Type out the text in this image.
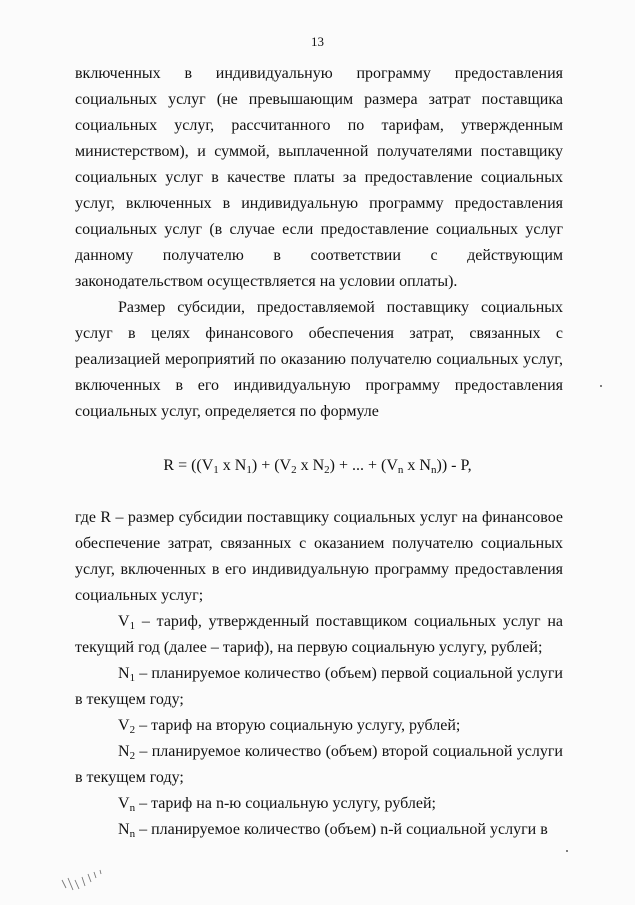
13

включенных в индивидуальную программу предоставления социальных услуг (не превышающим размера затрат поставщика социальных услуг, рассчитанного по тарифам, утвержденным министерством), и суммой, выплаченной получателями поставщику социальных услуг в качестве платы за предоставление социальных услуг, включенных в индивидуальную программу предоставления социальных услуг (в случае если предоставление социальных услуг данному получателю в соответствии с действующим законодательством осуществляется на условии оплаты).

Размер субсидии, предоставляемой поставщику социальных услуг в целях финансового обеспечения затрат, связанных с реализацией мероприятий по оказанию получателю социальных услуг, включенных в его индивидуальную программу предоставления социальных услуг, определяется по формуле

$R = ((V_1$ x $N_1) + (V_2$ x $N_2$) + ... + ($V_n$ x $N_n$)) - P,

где R – размер субсидии поставщику социальных услуг на финансовое обеспечение затрат, связанных с оказанием получателю социальных услуг, включенных в его индивидуальную программу предоставления социальных услуг;

$V_1$ – тариф, утвержденный поставщиком социальных услуг на текущий год (далее – тариф), на первую социальную услугу, рублей;

$N_1$ – планируемое количество (объем) первой социальной услуги в текущем году;

$V_2$ – тариф на вторую социальную услугу, рублей;

$N_2$ – планируемое количество (объем) второй социальной услуги в текущем году;

$V_n$ – тариф на n-ю социальную услугу, рублей;

$N_n$ – планируемое количество (объем) n-й социальной услуги в
